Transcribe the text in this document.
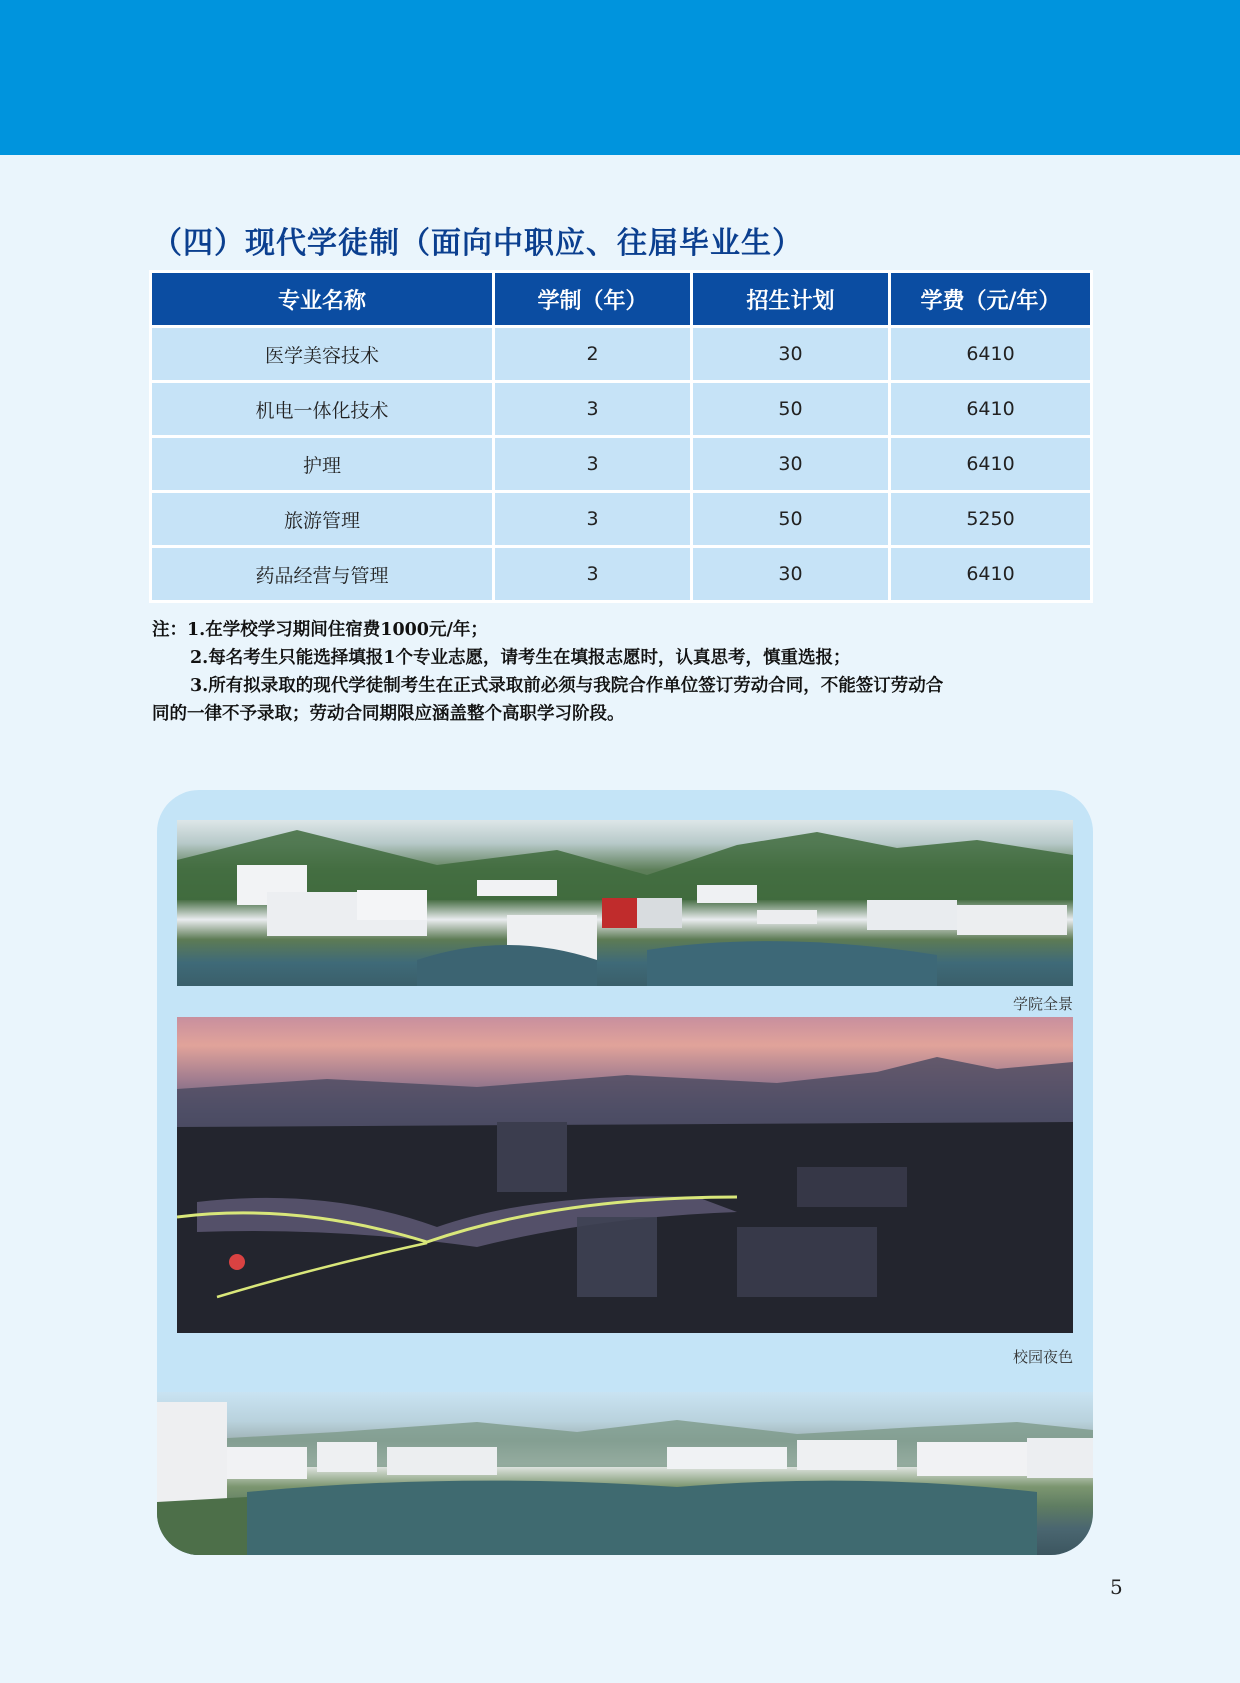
（四）现代学徒制（面向中职应、往届毕业生）
专业名称	学制（年）	招生计划	学费（元/年）
医学美容技术	2	30	6410
机电一体化技术	3	50	6410
护理	3	30	6410
旅游管理	3	50	5250
药品经营与管理	3	30	6410

注：1.在学校学习期间住宿费1000元/年；

2.每名考生只能选择填报1个专业志愿，请考生在填报志愿时，认真思考，慎重选报；

3.所有拟录取的现代学徒制考生在正式录取前必须与我院合作单位签订劳动合同，不能签订劳动合

同的一律不予录取；劳动合同期限应涵盖整个高职学习阶段。

学院全景
校园夜色
5
